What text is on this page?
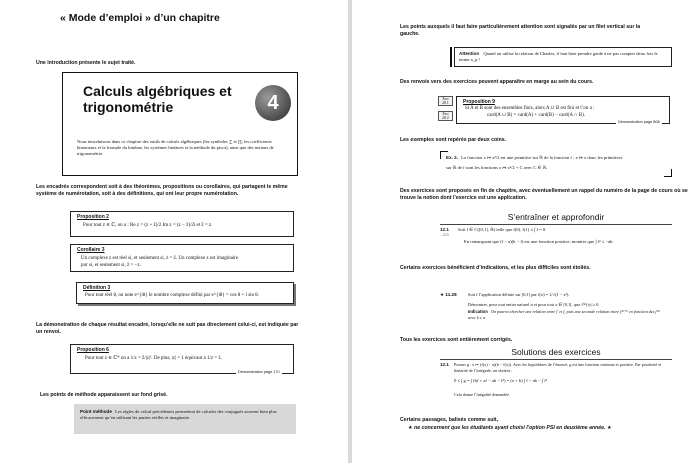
« Mode d’emploi » d’un chapitre
Une introduction présente le sujet traité.
Calculs algébriques et trigonométrie	4
Nous introduisons dans ce chapitre des outils de calculs algébriques (les symboles ∑ et ∏, les coefficients binomiaux et la formule du binôme, les systèmes linéaires et la méthode du pivot), ainsi que des notions de trigonométrie.
Les encadrés correspondent soit à des théorèmes, propositions ou corollaires, qui partagent le même système de numérotation, soit à des définitions, qui ont leur propre numérotation.
Proposition 2
Pour tout z ∈ ℂ, on a : Re z = (z + z̄)/2 Im z = (z − z̄)/2i et z̄ = z.
Corollaire 3
Un complexe z est réel si, et seulement si, z = z̄. Un complexe z est imaginaire
pur si, et seulement si, z̄ = −z.
Définition 3
Pour tout réel θ, on note e^{iθ} le nombre complexe défini par e^{iθ} = cos θ + i sin θ.
La démonstration de chaque résultat encadré, lorsqu’elle ne suit pas directement celui-ci, est indiquée par un renvoi.
Proposition 6
Pour tout z ∈ ℂ* on a 1/z = z̄/|z|². De plus, |z| = 1 équivaut à 1/z = z̄.
Démonstration page 170
Les points de méthode apparaissent sur fond grisé.
Point méthode Les règles de calcul précédentes permettent de calculer des conjugués souvent bien plus efficacement qu’en utilisant les parties réelles et imaginaire.
Les points auxquels il faut faire particulièrement attention sont signalés par un filet vertical sur la gauche.
Attention Quand on utilise la relation de Chasles, il faut bien prendre garde à ne pas compter deux fois le terme a_p !
Des renvois vers des exercices peuvent apparaître en marge au sein du cours.
Exo 28.1
Exo 28.2
Proposition 9
Si A et B sont des ensembles finis, alors A ∪ B est fini et l’on a :
card(A ∪ B) = card(A) + card(B) − card(A ∩ B).
Démonstration page 808
Les exemples sont repérés par deux coins.
Ex. 2. La fonction x ↦ x²/2 est une primitive sur ℝ de la fonction f : x ↦ x donc les primitives
sur ℝ de f sont les fonctions x ↦ x²/2 + C avec C ∈ ℝ.
Des exercices sont proposés en fin de chapitre, avec éventuellement un rappel du numéro de la page de cours où se trouve la notion dont l’exercice est une application.
S’entraîner et approfondir
12.1
→273
Soit f ∈ C([0,1], ℝ) telle que f(0), f(1) ≤ ∫ f = 0.
En remarquant que (f − a)(b − f) est une fonction positive, montrer que ∫ f² ≤ −ab.
Certains exercices bénéficient d’indications, et les plus difficiles sont étoilés.
★ 11.28	Soit f l’application définie sur [0,1] par f(x) = 1/√(1 − x²).
Démontrer, pour tout entier naturel n et pour tout x ∈ [0,1[, que f⁽ⁿ⁾(x) ≥ 0.
Indication On pourra chercher une relation entre f′ et f, puis une seconde relation entre f⁽ⁿ⁺¹⁾ en fonction des f⁽ᵏ⁾ avec k ≤ n.
Tous les exercices sont entièrement corrigés.
Solutions des exercices
12.1 Posons g : x ↦ (f(x) − a)(b − f(x)). Avec les hypothèses de l’énoncé, g est une fonction continue et positive. Par positivité et linéarité de l’intégrale, on obtient :
0 ≤ ∫ g = ∫ (bf + af − ab − f²) = (a + b) ∫ f − ab − ∫ f²
Cela donne l’inégalité demandée.
Certains passages, balisés comme suit,
★ ne concernent que les étudiants ayant choisi l’option PSI en deuxième année. ★
